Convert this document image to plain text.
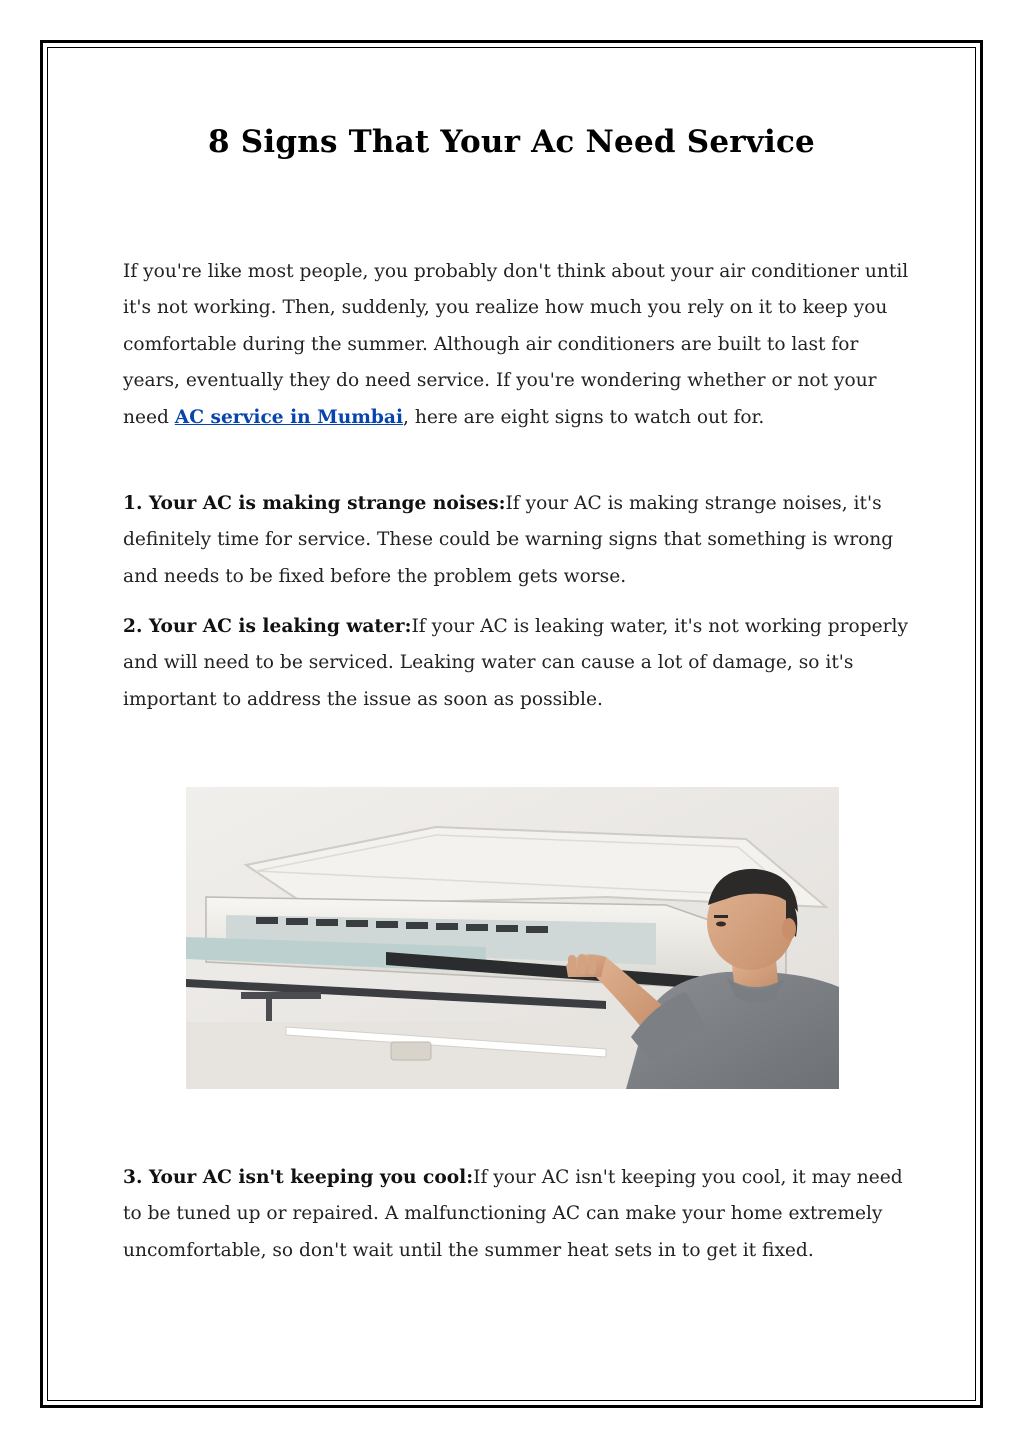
8 Signs That Your Ac Need Service

If you're like most people, you probably don't think about your air conditioner until it's not working. Then, suddenly, you realize how much you rely on it to keep you comfortable during the summer. Although air conditioners are built to last for years, eventually they do need service. If you're wondering whether or not your need AC service in Mumbai, here are eight signs to watch out for.

1. Your AC is making strange noises:If your AC is making strange noises, it's definitely time for service. These could be warning signs that something is wrong and needs to be fixed before the problem gets worse.

2. Your AC is leaking water:If your AC is leaking water, it's not working properly and will need to be serviced. Leaking water can cause a lot of damage, so it's important to address the issue as soon as possible.

3. Your AC isn't keeping you cool:If your AC isn't keeping you cool, it may need to be tuned up or repaired. A malfunctioning AC can make your home extremely uncomfortable, so don't wait until the summer heat sets in to get it fixed.
